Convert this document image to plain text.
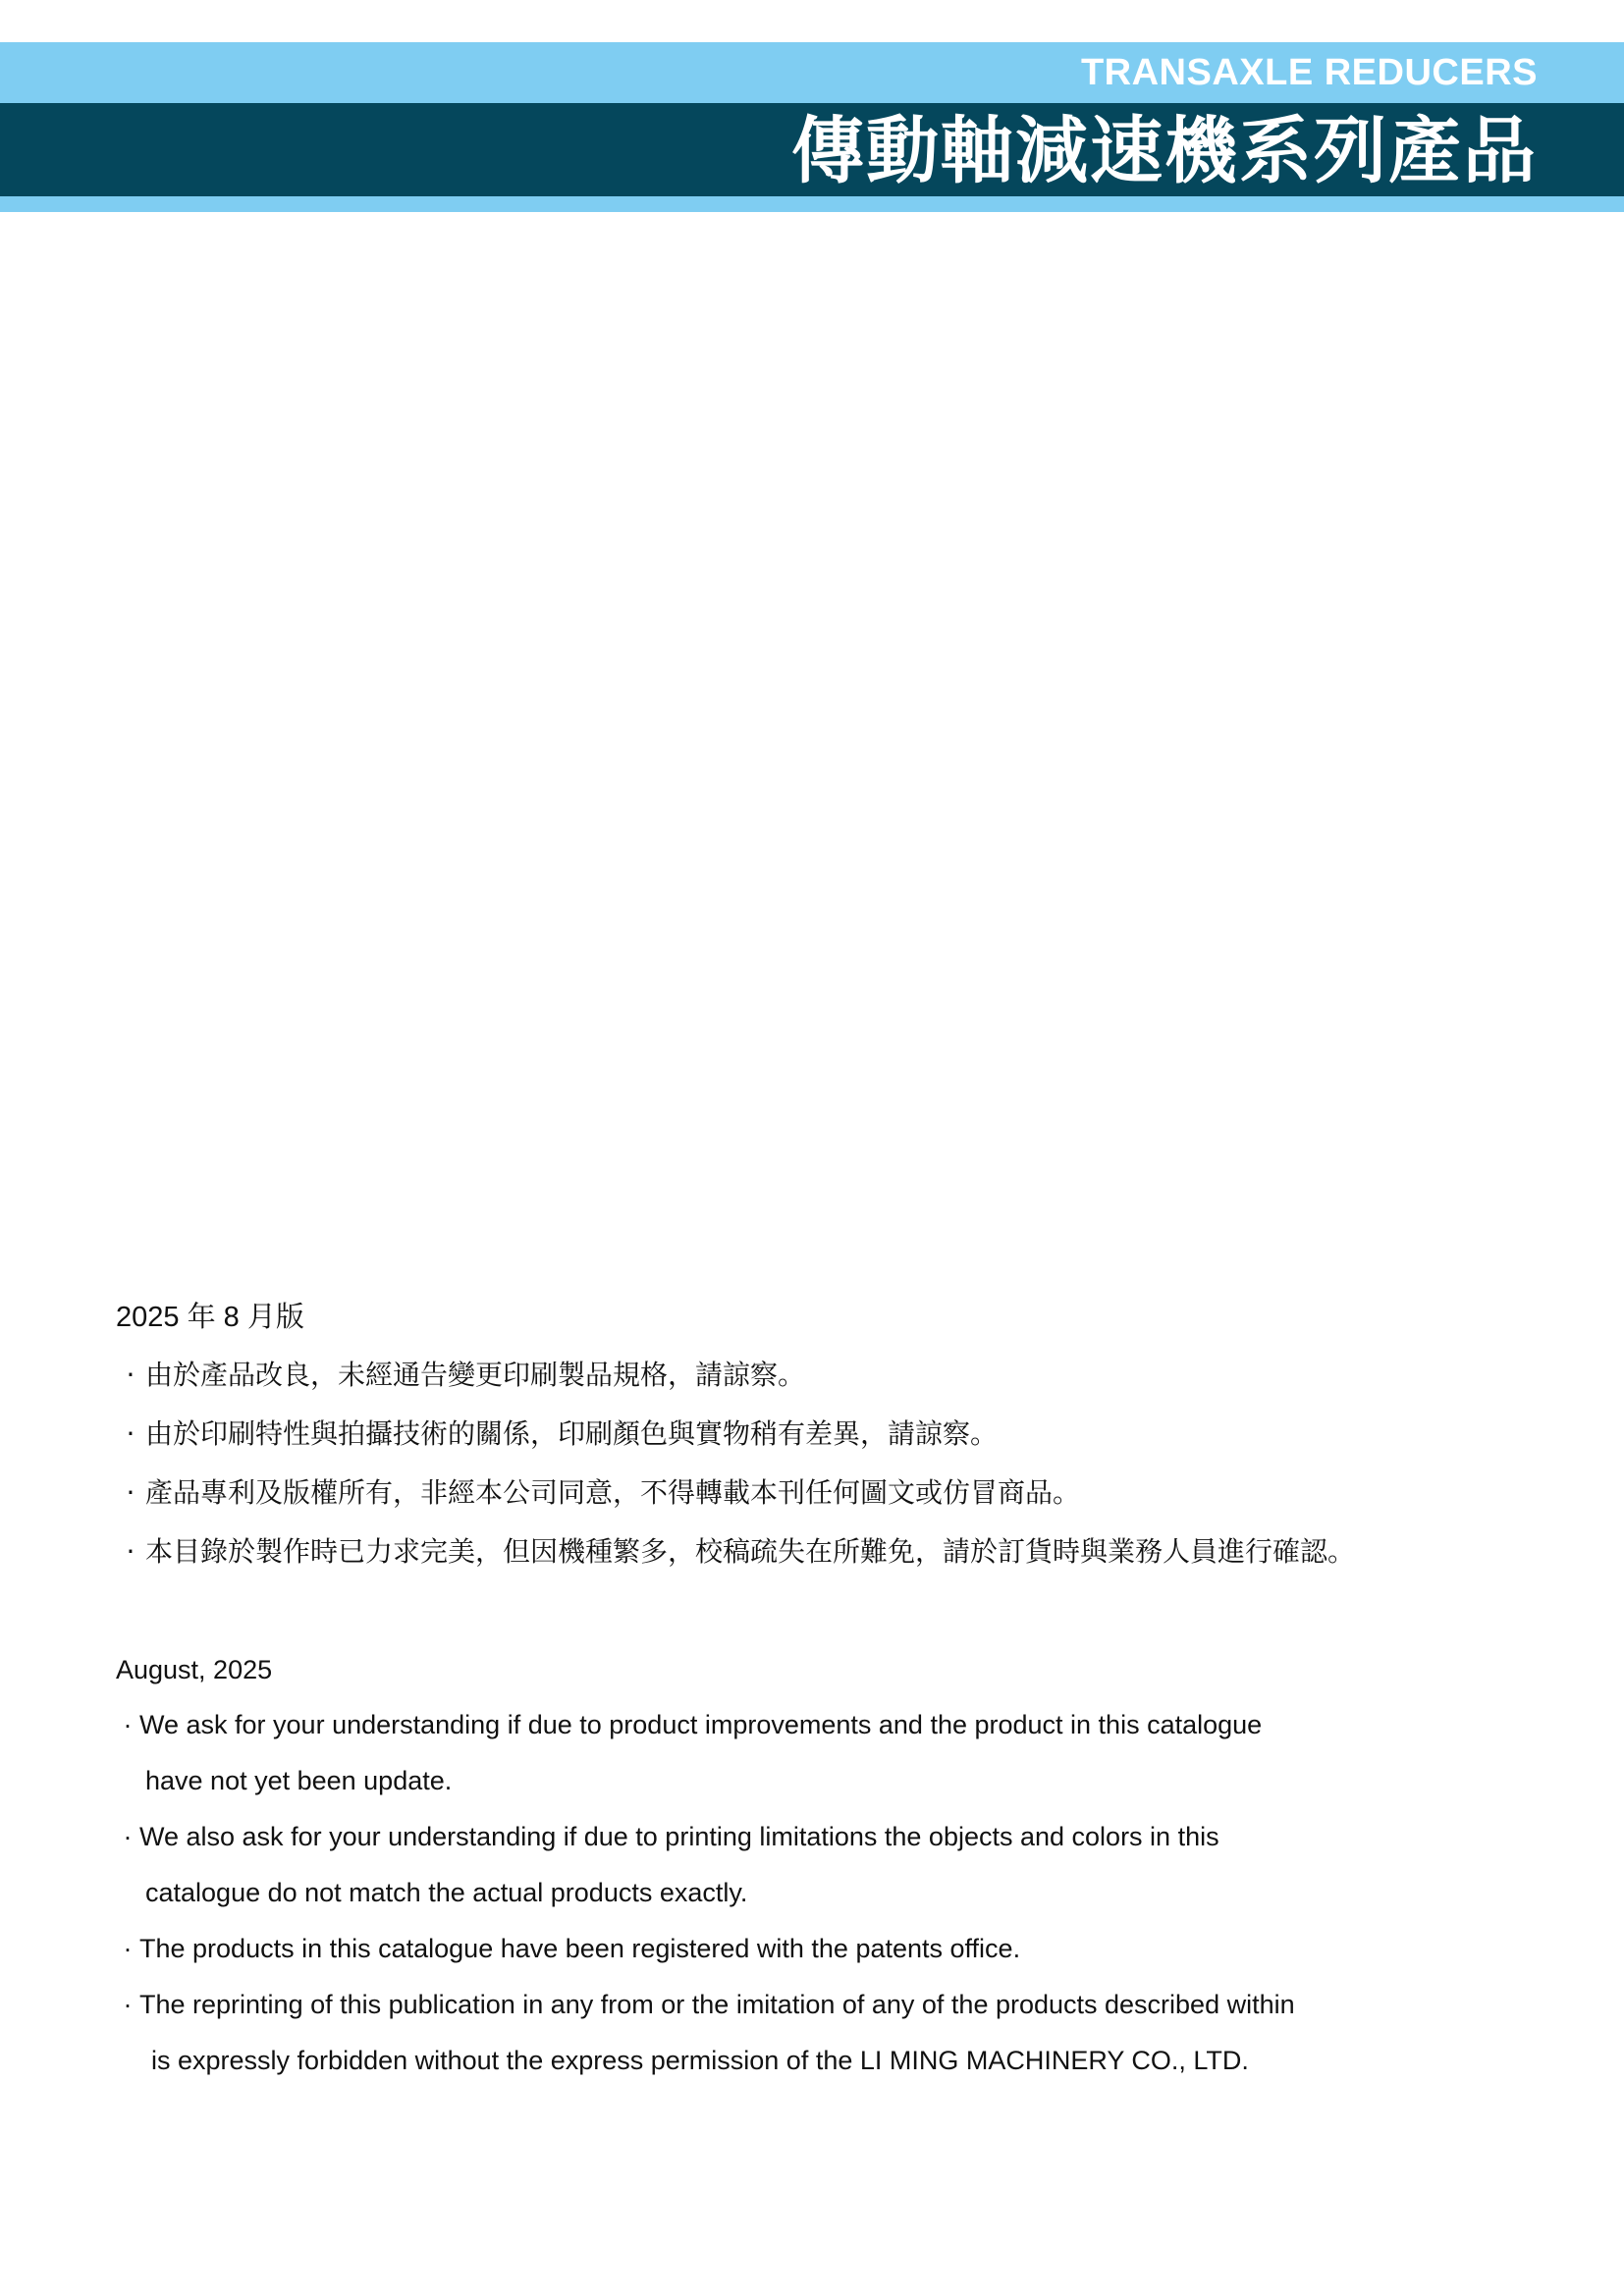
TRANSAXLE REDUCERS
傳動軸減速機系列產品
2025 年 8 月版
· 由於產品改良，未經通告變更印刷製品規格，請諒察。
· 由於印刷特性與拍攝技術的關係，印刷顏色與實物稍有差異，請諒察。
· 產品專利及版權所有，非經本公司同意，不得轉載本刊任何圖文或仿冒商品。
· 本目錄於製作時已力求完美，但因機種繁多，校稿疏失在所難免，請於訂貨時與業務人員進行確認。
August, 2025
· We ask for your understanding if due to product improvements and the product in this catalogue
have not yet been update.
· We also ask for your understanding if due to printing limitations the objects and colors in this
catalogue do not match the actual products exactly.
· The products in this catalogue have been registered with the patents office.
· The reprinting of this publication in any from or the imitation of any of the products described within
is expressly forbidden without the express permission of the LI MING MACHINERY CO., LTD.
